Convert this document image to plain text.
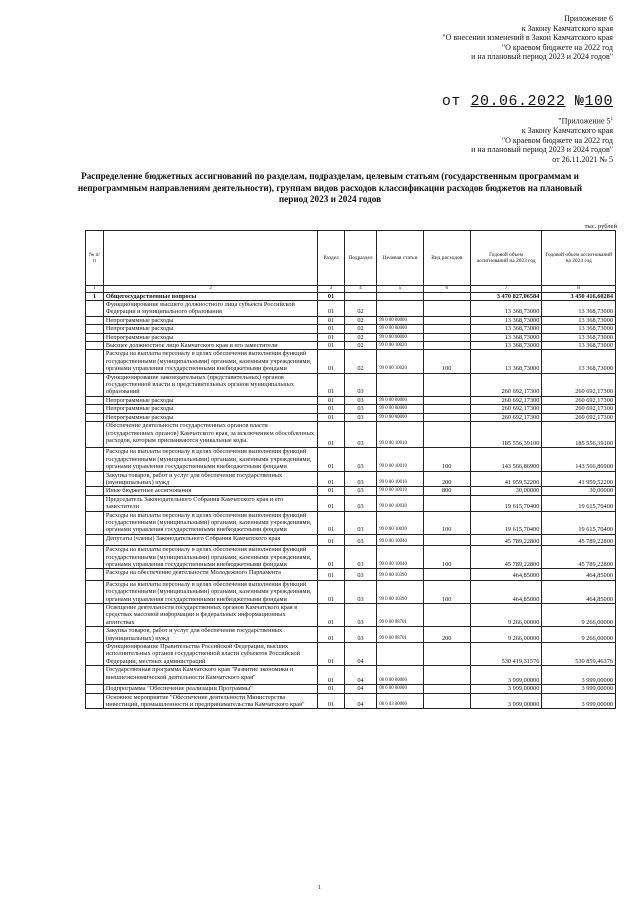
Приложение 6
к Закону Камчатского края
"О внесении изменений в Закон Камчатского края
"О краевом бюджете на 2022 год
и на плановый период 2023 и 2024 годов"
от 20.06.2022 №100
"Приложение $5^1$
к Закону Камчатского края
"О краевом бюджете на 2022 год
и на плановый период 2023 и 2024 годов"
от 26.11.2021 № 5
Распределение бюджетных ассигнований по разделам, подразделам, целевым статьям (государственным программам и непрограммным направлениям деятельности), группам видов расходов классификации расходов бюджетов на плановый период 2023 и 2024 годов
тыс. рублей
№ п/п		Раздел	Подраздел	Целевая статья	Вид расходов	Годовой объем ассигнований на 2023 год	Годовой объем ассигнований на 2024 год
1	2	3	4	5	6	7	8
1	Общегосударственные вопросы	01				3 470 827,06584	3 450 416,60284
	Функционирование высшего должностного лица субъекта Российской Федерации и муниципального образования	01	02			13 368,73000	13 368,73000
	Непрограммные расходы	01	02	99 0 00 00000		13 368,73000	13 368,73000
	Непрограммные расходы	01	02	99 0 00 00000		13 368,73000	13 368,73000
	Непрограммные расходы	01	02	99 0 00 00000		13 368,73000	13 368,73000
	Высшее должностное лицо Камчатского края и его заместители	01	02	99 0 00 10020		13 368,73000	13 368,73000
	Расходы на выплаты персоналу в целях обеспечения выполнения функций государственными (муниципальными) органами, казенными учреждениями, органами управления государственными внебюджетными фондами	01	02	99 0 00 10020	100	13 368,73000	13 368,73000
	Функционирование законодательных (представительных) органов государственной власти и представительных органов муниципальных образований	01	03			260 692,17300	260 692,17300
	Непрограммные расходы	01	03	99 0 00 00000		260 692,17300	260 692,17300
	Непрограммные расходы	01	03	99 0 00 00000		260 692,17300	260 692,17300
	Непрограммные расходы	01	03	99 0 00 00000		260 692,17300	260 692,17300
	Обеспечение деятельности государственных органов власти (государственных органов) Камчатского края, за исключением обособленных расходов, которым присваиваются уникальные коды.	01	03	99 0 00 10010		185 556,39100	185 556,39100
	Расходы на выплаты персоналу в целях обеспечения выполнения функций государственными (муниципальными) органами, казенными учреждениями, органами управления государственными внебюджетными фондами	01	03	99 0 00 10010	100	143 566,86900	143 566,86900
	Закупка товаров, работ и услуг для обеспечения государственных (муниципальных) нужд	01	03	99 0 00 10010	200	41 959,52200	41 959,52200
	Иные бюджетные ассигнования	01	03	99 0 00 10010	800	30,00000	30,00000
	Председатель Законодательного Собрания Камчатского края и его заместители	01	03	99 0 00 10030		19 615,70400	19 615,70400
	Расходы на выплаты персоналу в целях обеспечения выполнения функций государственными (муниципальными) органами, казенными учреждениями, органами управления государственными внебюджетными фондами	01	03	99 0 00 10030	100	19 615,70400	19 615,70400
	Депутаты (члены) Законодательного Собрания Камчатского края	01	03	99 0 00 10040		45 789,22800	45 789,22800
	Расходы на выплаты персоналу в целях обеспечения выполнения функций государственными (муниципальными) органами, казенными учреждениями, органами управления государственными внебюджетными фондами	01	03	99 0 00 10040	100	45 789,22800	45 789,22800
	Расходы на обеспечение деятельности Молодежного Парламента	01	03	99 0 00 10390		464,85000	464,85000
	Расходы на выплаты персоналу в целях обеспечения выполнения функций государственными (муниципальными) органами, казенными учреждениями, органами управления государственными внебюджетными фондами	01	03	99 0 00 10390	100	464,85000	464,85000
	Освещение деятельности государственных органов Камчатского края в средствах массовой информации и федеральных информационных агентствах	01	03	99 0 00 98701		9 266,00000	9 266,00000
	Закупка товаров, работ и услуг для обеспечения государственных (муниципальных) нужд	01	03	99 0 00 98701	200	9 266,00000	9 266,00000
	Функционирование Правительства Российской Федерации, высших исполнительных органов государственной власти субъектов Российской Федерации, местных администраций	01	04			530 419,31576	530 859,46376
	Государственная программа Камчатского края "Развитие экономики и внешнеэкономической деятельности Камчатского края"	01	04	08 0 00 00000		3 999,00000	3 999,00000
	Подпрограмма "Обеспечение реализации Программы"	01	04	08 6 00 00000		3 999,00000	3 999,00000
	Основное мероприятие "Обеспечение деятельности Министерства инвестиций, промышленности и предпринимательства Камчатского края"	01	04	08 6 03 00000		3 999,00000	3 999,00000
1
